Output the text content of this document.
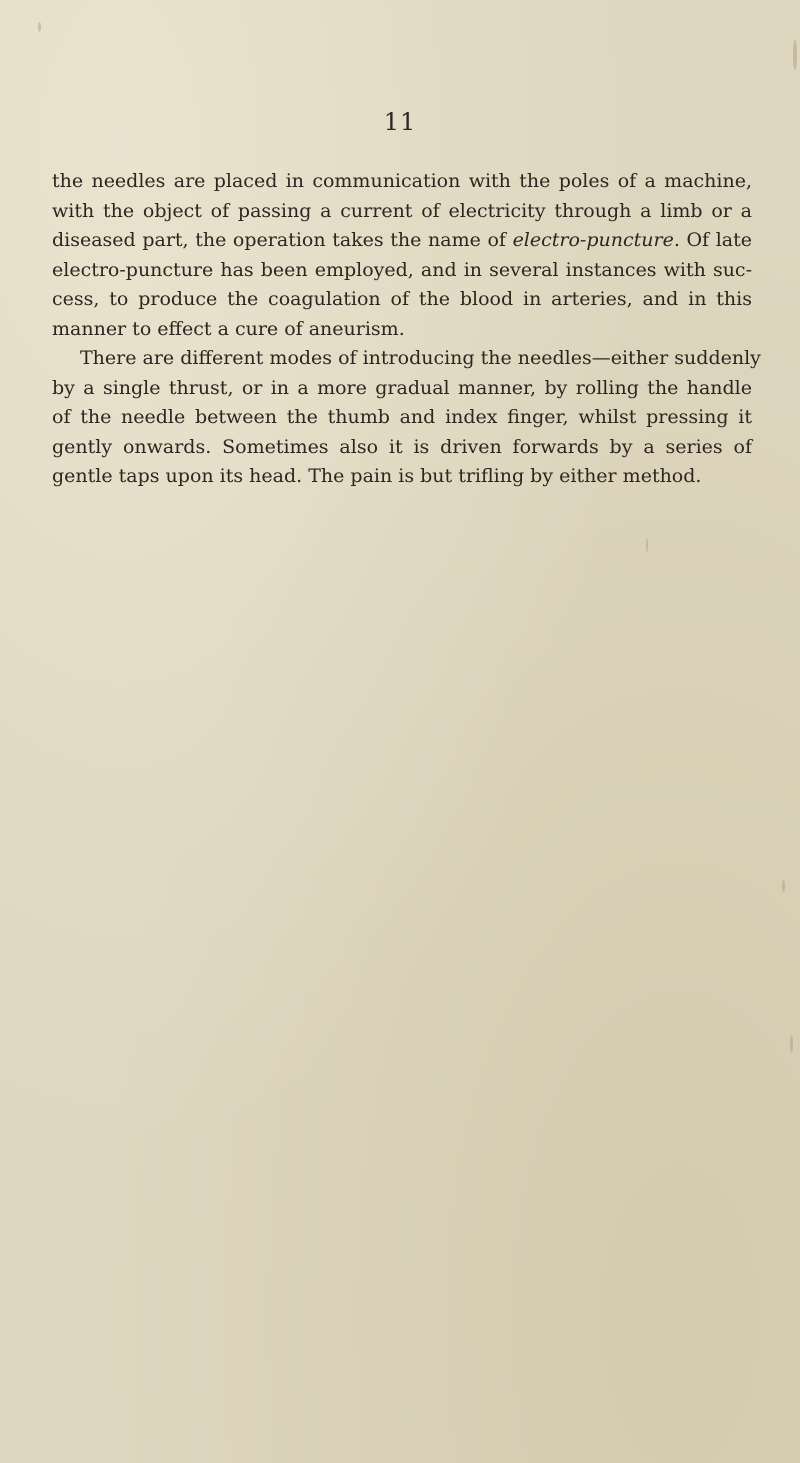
11
the needles are placed in communication with the poles of a machine,
with the object of passing a current of electricity through a limb or a
diseased part, the operation takes the name of electro-puncture. Of late
electro-puncture has been employed, and in several instances with suc-
cess, to produce the coagulation of the blood in arteries, and in this
manner to effect a cure of aneurism.
There are different modes of introducing the needles—either suddenly
by a single thrust, or in a more gradual manner, by rolling the handle
of the needle between the thumb and index finger, whilst pressing it
gently onwards. Sometimes also it is driven forwards by a series of
gentle taps upon its head. The pain is but trifling by either method.
